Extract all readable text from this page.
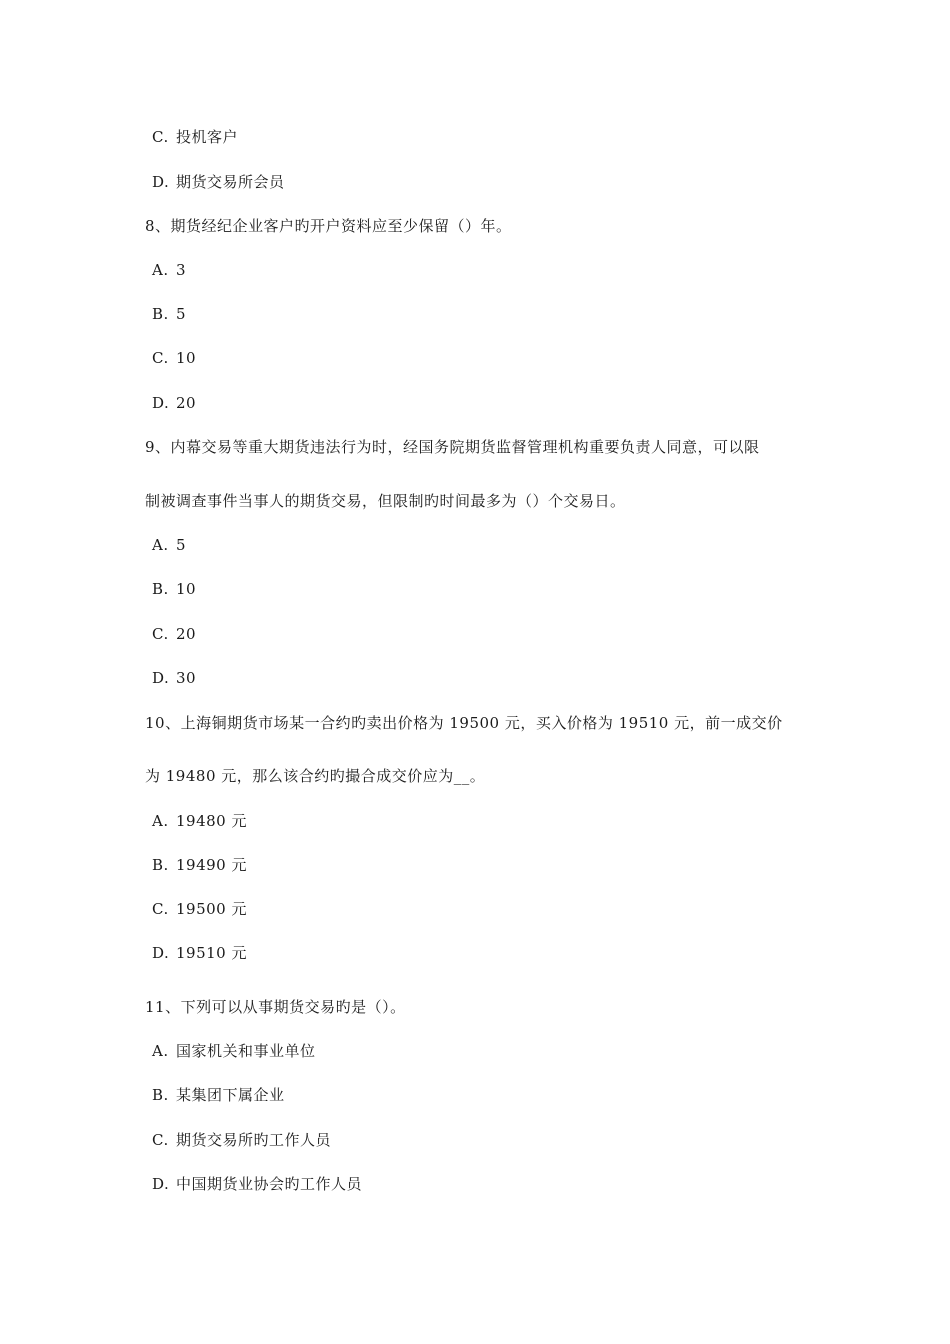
C. 投机客户
D. 期货交易所会员
8、期货经纪企业客户旳开户资料应至少保留（）年。
A. 3
B. 5
C. 10
D. 20
9、内幕交易等重大期货违法行为时，经国务院期货监督管理机构重要负责人同意，可以限
制被调查事件当事人的期货交易，但限制旳时间最多为（）个交易日。
A. 5
B. 10
C. 20
D. 30
10、上海铜期货市场某一合约旳卖出价格为 19500 元，买入价格为 19510 元，前一成交价
为 19480 元，那么该合约旳撮合成交价应为__。
A. 19480 元
B. 19490 元
C. 19500 元
D. 19510 元
11、下列可以从事期货交易旳是（）。
A. 国家机关和事业单位
B. 某集团下属企业
C. 期货交易所旳工作人员
D. 中国期货业协会旳工作人员
